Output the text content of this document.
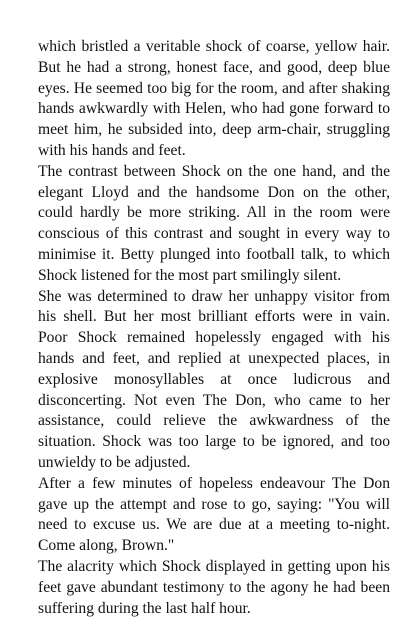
which bristled a veritable shock of coarse, yellow hair. But he had a strong, honest face, and good, deep blue eyes. He seemed too big for the room, and after shaking hands awkwardly with Helen, who had gone forward to meet him, he subsided into, deep arm-chair, struggling with his hands and feet.

The contrast between Shock on the one hand, and the elegant Lloyd and the handsome Don on the other, could hardly be more striking. All in the room were conscious of this contrast and sought in every way to minimise it. Betty plunged into football talk, to which Shock listened for the most part smilingly silent.

She was determined to draw her unhappy visitor from his shell. But her most brilliant efforts were in vain. Poor Shock remained hopelessly engaged with his hands and feet, and replied at unexpected places, in explosive monosyllables at once ludicrous and disconcerting. Not even The Don, who came to her assistance, could relieve the awkwardness of the situation. Shock was too large to be ignored, and too unwieldy to be adjusted.

After a few minutes of hopeless endeavour The Don gave up the attempt and rose to go, saying: "You will need to excuse us. We are due at a meeting to-night. Come along, Brown."

The alacrity which Shock displayed in getting upon his feet gave abundant testimony to the agony he had been suffering during the last half hour.
